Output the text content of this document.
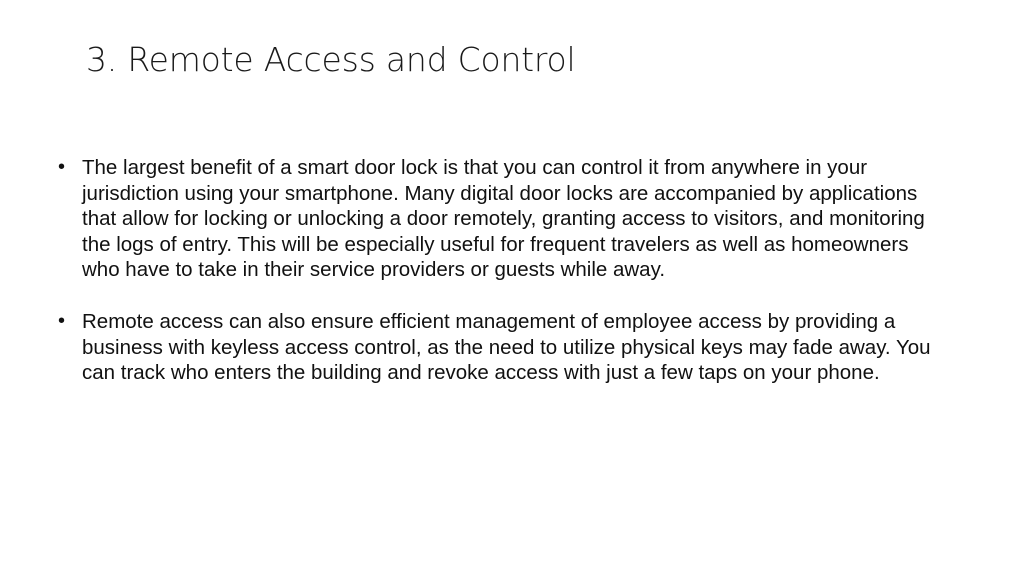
3. Remote Access and Control
• The largest benefit of a smart door lock is that you can control it from anywhere in your jurisdiction using your smartphone. Many digital door locks are accompanied by applications that allow for locking or unlocking a door remotely, granting access to visitors, and monitoring the logs of entry. This will be especially useful for frequent travelers as well as homeowners who have to take in their service providers or guests while away.
• Remote access can also ensure efficient management of employee access by providing a business with keyless access control, as the need to utilize physical keys may fade away. You can track who enters the building and revoke access with just a few taps on your phone.
